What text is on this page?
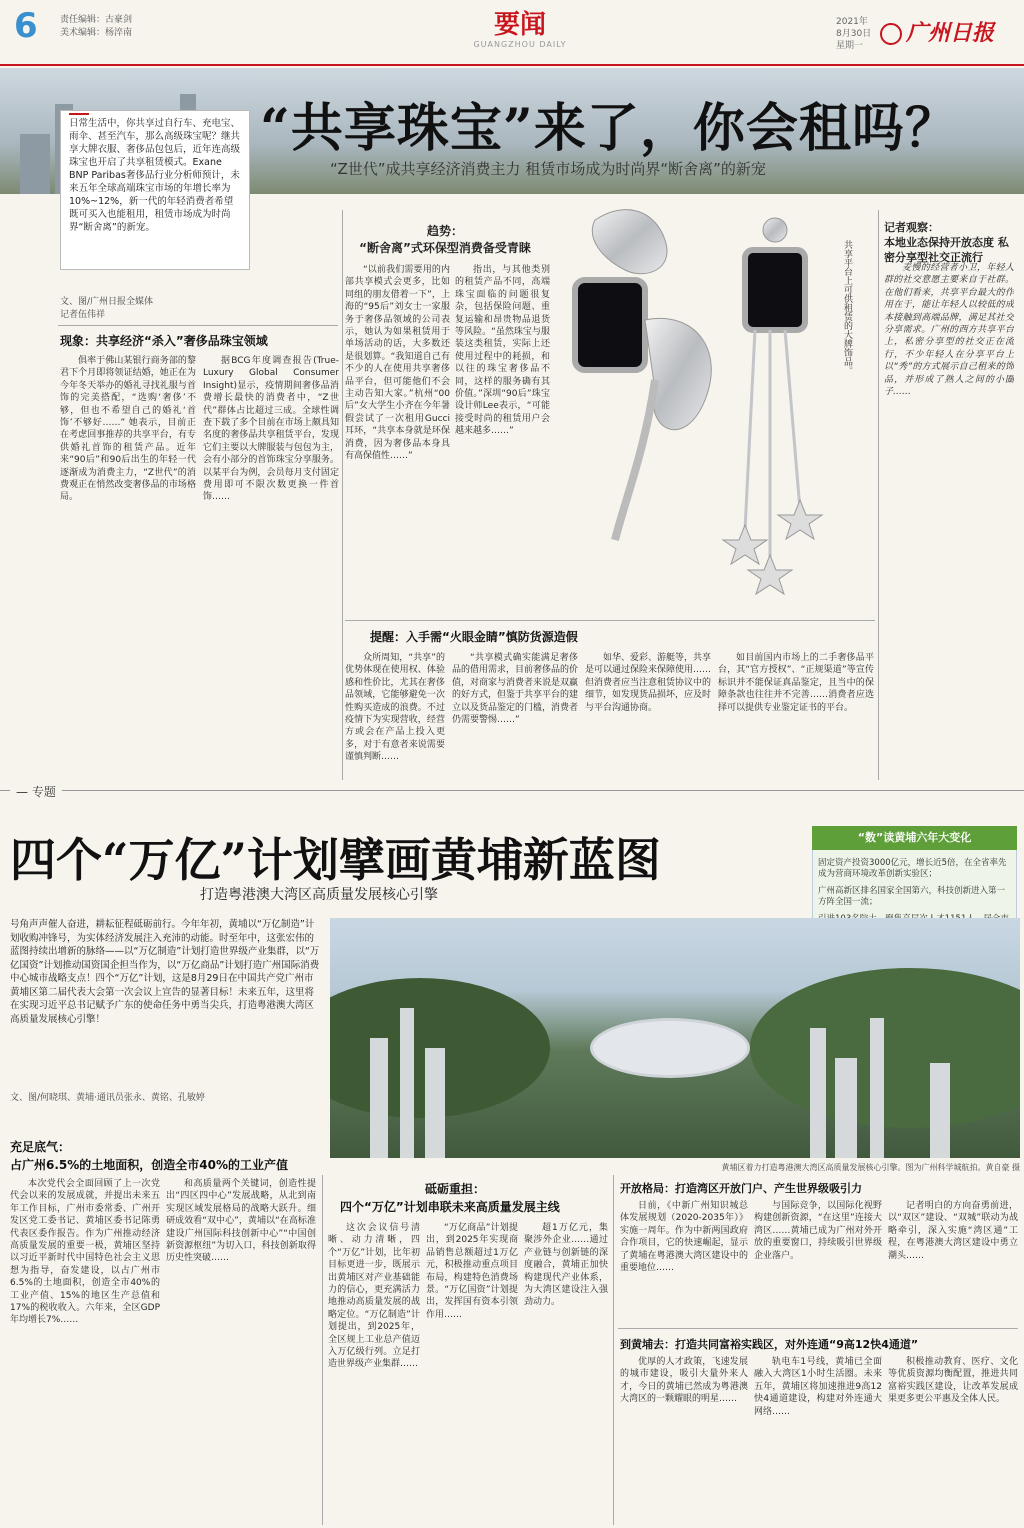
6 责任编辑：古豪剑
美术编辑：杨淬南	要闻
GUANGZHOU DAILY
2021年
8月30日
星期一	广州日报
日常生活中，你共享过自行车、充电宝、雨伞、甚至汽车，那么高级珠宝呢？继共享大牌衣服、奢侈品包包后，近年连高级珠宝也开启了共享租赁模式。Exane BNP Paribas奢侈品行业分析师预计，未来五年全球高端珠宝市场的年增长率为10%~12%，新一代的年轻消费者希望既可买入也能租用，租赁市场成为时尚界“断舍离”的新宠。
“共享珠宝”来了，你会租吗？
“Z世代”成共享经济消费主力 租赁市场成为时尚界“断舍离”的新宠
文、图/广州日报全媒体
记者伍伟祥
现象：共享经济“杀入”奢侈品珠宝领域

俱率于佛山某银行商务部的黎君下个月即将领证结婚，她正在为今年冬天举办的婚礼寻找礼服与首饰的完美搭配，“选购‘奢侈’不够，但也不希望自己的婚礼‘首饰’不够好……” 她表示，目前正在考虑回事推荐的共享平台，有专供婚礼首饰的租赁产品。近年来“90后”和90后出生的年轻一代逐渐成为消费主力，“Z世代”的消费观正在悄然改变奢侈品的市场格局。

据BCG年度调查报告(True-Luxury Global Consumer Insight)显示，疫情期间奢侈品消费增长最快的消费者中，“Z世代”群体占比超过三成。全球性调查下载了多个目前在市场上颇具知名度的奢侈品共享租赁平台，发现它们主要以大牌服装与包包为主，会有小部分的首饰珠宝分享服务。以某平台为例，会员每月支付固定费用即可不限次数更换一件首饰……

趋势：
“断舍离”式环保型消费备受青睐

“以前我们需要用的内部共享模式会更多，比如同组的朋友借着一下”，上海的“95后”刘女士一家服务于奢侈品领域的公司表示，她认为如果租赁用于单场活动的话，大多数还是很划算。“我知道自己有不少的人在使用共享奢侈品平台，但可能他们不会主动告知大家。”杭州“00后”女大学生小齐在今年暑假尝试了一次租用Gucci耳环，“共享本身就是环保消费，因为奢侈品本身具有高保值性……”

指出，与其他类别的租赁产品不同，高端珠宝面临的问题很复杂，包括保险问题、重复运输和昂贵物品退货等风险。“虽然珠宝与服装这类租赁，实际上还使用过程中的耗损，和以往的珠宝奢侈品不同，这样的服务确有其价值。”深圳“90后”珠宝设计师Lee表示，“可能接受时尚的租赁用户会越来越多……”

共享平台上可供租赁的大牌饰品。
记者观察：
本地业态保持开放态度 私密分享型社交正流行

麦慢的经营者小卫，年轻人群的社交意愿主要来自于社群。在他们看来，共享平台最大的作用在于，能让年轻人以较低的成本接触到高端品牌，满足其社交分享需求。广州的西方共享平台上，私密分享型的社交正在流行，不少年轻人在分享平台上以“秀”的方式展示自己租来的饰品，并形成了熟人之间的小圈子……

提醒：入手需“火眼金睛”慎防货源造假

众所周知，“共享”的优势体现在使用权、体验感和性价比，尤其在奢侈品领域，它能够避免一次性购买造成的浪费。不过疫情下为实现营收，经营方或会在产品上投入更多，对于有意者来说需要谨慎判断……

“共享模式确实能满足奢侈品的借用需求，目前奢侈品的价值，对商家与消费者来说是双赢的好方式，但鉴于共享平台的建立以及货品鉴定的门槛，消费者仍需要警惕……”

如华、爱彩、游艇等，共享是可以通过保险来保障使用……但消费者应当注意租赁协议中的细节，如发现货品损坏，应及时与平台沟通协商。

如目前国内市场上的二手奢侈品平台，其“官方授权”、“正规渠道”等宣传标识并不能保证真品鉴定，且当中的保障条款也往往并不完善……消费者应选择可以提供专业鉴定证书的平台。

— 专题
四个“万亿”计划擘画黄埔新蓝图
打造粤港澳大湾区高质量发展核心引擎
“数”读黄埔六年大变化
固定资产投资3000亿元，增长近5倍，在全省率先成为营商环境改革创新实验区；
广州高新区排名国家全国第六，科技创新进入第一方阵全国一流；
号角声声催人奋进，耕耘征程砥砺前行。今年年初，黄埔以“万亿制造”计划收购冲锋号，为实体经济发展注入充沛的动能。时至年中，这张宏伟的蓝图持续出增新的脉络——以“万亿制造”计划打造世界级产业集群，以“万亿国资”计划推动国资国企担当作为，以“万亿商品”计划打造广州国际消费中心城市战略支点！四个“万亿”计划，这是8月29日在中国共产党广州市黄埔区第二届代表大会第一次会议上宣告的显著目标！未来五年，这里将在实现习近平总书记赋予广东的使命任务中勇当尖兵，打造粤港澳大湾区高质量发展核心引擎！
文、图/何晓琪、黄埔·通讯员张永、黄铭、孔敏婷
黄埔区着力打造粤港澳大湾区高质量发展核心引擎。图为广州科学城航拍。黄自豪 摄
充足底气：
占广州6.5%的土地面积，创造全市40%的工业产值

本次党代会全面回顾了上一次党代会以来的发展成就，并提出未来五年工作目标，广州市委常委、广州开发区党工委书记、黄埔区委书记陈勇代表区委作报告。作为广州推动经济高质量发展的重要一极，黄埔区坚持以习近平新时代中国特色社会主义思想为指导，奋发建设，以占广州市6.5%的土地面积，创造全市40%的工业产值、15%的地区生产总值和17%的税收收入。六年来，全区GDP年均增长7%……

和高质量两个关键词，创造性提出“四区四中心”发展战略，从北到南实现区域发展格局的战略大跃升。细研成效看“双中心”，黄埔以“在高标准建设广州国际科技创新中心”“中国创新资源枢纽”为切入口，科技创新取得历史性突破……

砥砺重担：
四个“万亿”计划串联未来高质量发展主线

这次会议信号清晰、动力清晰，四个“万亿”计划，比年初目标更进一步，既展示出黄埔区对产业基础能力的信心，更充满活力地推动高质量发展的战略定位。“万亿制造”计划提出，到2025年，全区规上工业总产值迈入万亿级行列。立足打造世界级产业集群……

“万亿商品”计划提出，到2025年实现商品销售总额超过1万亿元，积极推动重点项目布局，构建特色消费场景。“万亿国资”计划提出，发挥国有资本引领作用……

超1万亿元，集聚涉外企业……通过产业链与创新链的深度融合，黄埔正加快构建现代产业体系，为大湾区建设注入强劲动力。

开放格局：打造湾区开放门户、产生世界级吸引力

日前，《中新广州知识城总体发展规划（2020-2035年）》实施一周年。作为中新两国政府合作项目，它的快速崛起，显示了黄埔在粤港澳大湾区建设中的重要地位……

与国际竞争，以国际化视野构建创新资源，“在这里”连接大湾区……黄埔已成为广州对外开放的重要窗口，持续吸引世界级企业落户。

记者明白的方向奋勇前进，以“双区”建设、“双城”联动为战略牵引，深入实施“湾区通”工程，在粤港澳大湾区建设中勇立潮头……

到黄埔去：打造共同富裕实践区，对外连通“9高12快4通道”

优厚的人才政策，飞速发展的城市建设，吸引大量外来人才，今日的黄埔已然成为粤港澳大湾区的一颗耀眼的明星……

轨电车1号线，黄埔已全面融入大湾区1小时生活圈。未来五年，黄埔区将加速推进9高12快4通道建设，构建对外连通大网络……

积极推动教育、医疗、文化等优质资源均衡配置，推进共同富裕实践区建设，让改革发展成果更多更公平惠及全体人民。
